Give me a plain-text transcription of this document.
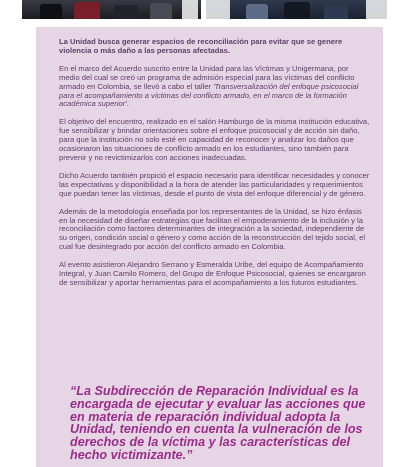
La Unidad busca generar espacios de reconciliación para evitar que se genere violencia o más daño a las personas afectadas.

En el marco del Acuerdo suscrito entre la Unidad para las Víctimas y Unigermana, por medio del cual se creó un programa de admisión especial para las víctimas del conflicto armado en Colombia, se llevó a cabo el taller 'Transversalización del enfoque psicosocial para el acompañamiento a víctimas del conflicto armado, en el marco de la formación académica superior'.

El objetivo del encuentro, realizado en el salón Hamburgo de la misma institución educativa, fue sensibilizar y brindar orientaciones sobre el enfoque psicosocial y de acción sin daño, para que la institución no solo esté en capacidad de reconocer y analizar los daños que ocasionaron las situaciones de conflicto armado en los estudiantes, sino también para prevenir y no revictimizarlos con acciones inadecuadas.

Dicho Acuerdo también propició el espacio necesario para identificar necesidades y conocer las expectativas y disponibilidad a la hora de atender las particularidades y requerimientos que puedan tener las víctimas, desde el punto de vista del enfoque diferencial y de género.

Además de la metodología enseñada por los representantes de la Unidad, se hizo énfasis en la necesidad de diseñar estrategias que facilitan el empoderamiento de la inclusión y la reconciliación como factores determinantes de integración a la sociedad, independiente de su origen, condición social o género y como acción de la reconstrucción del tejido social, el cual fue desintegrado por acción del conflicto armado en Colombia.

Al evento asistieron Alejandro Serrano y Esmeralda Uribe, del equipo de Acompañamiento Integral, y Juan Camilo Romero, del Grupo de Enfoque Psicosocial, quienes se encargaron de sensibilizar y aportar herramientas para el acompañamiento a los futuros estudiantes.

“La Subdirección de Reparación Individual es la encargada de ejecutar y evaluar las acciones que en materia de reparación individual adopta la Unidad, teniendo en cuenta la vulneración de los derechos de la víctima y las características del hecho victimizante.”
